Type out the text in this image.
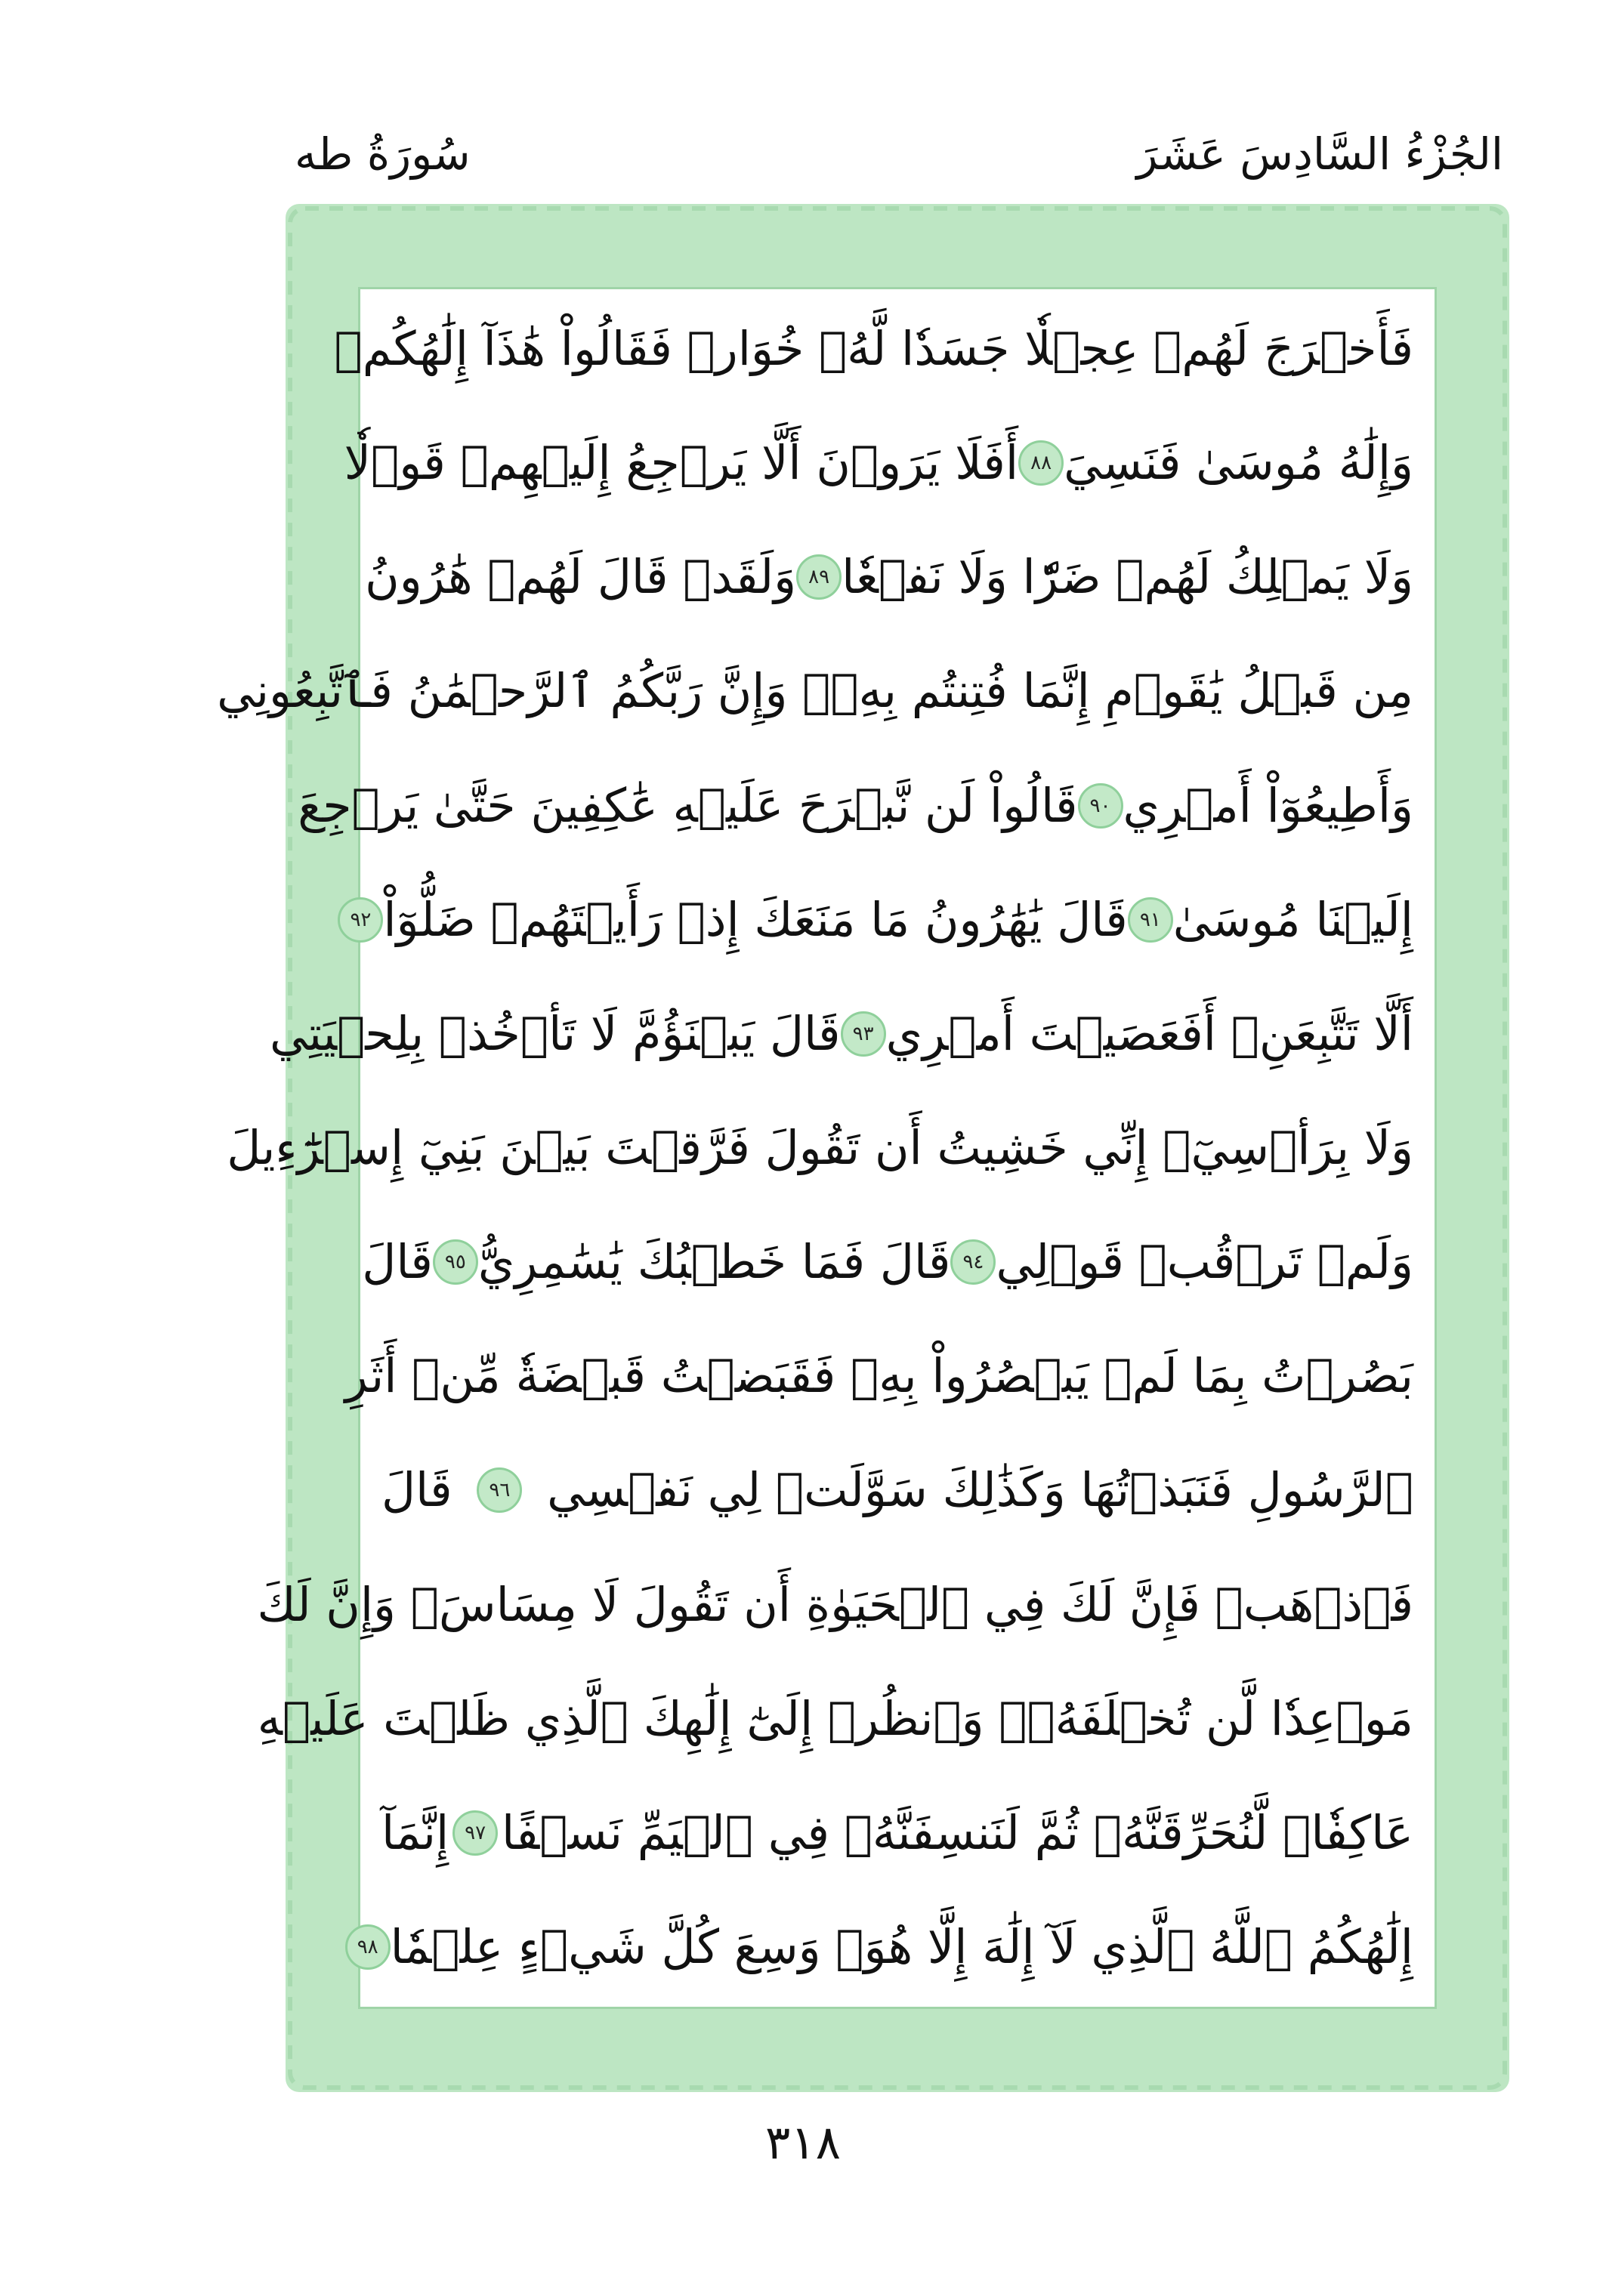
الجُزْءُ السَّادِسَ عَشَرَ
سُورَةُ طه
فَأَخۡرَجَ لَهُمۡ عِجۡلٗا جَسَدٗا لَّهُۥ خُوَارٞ فَقَالُواْ هَٰذَآ إِلَٰهُكُمۡ
وَإِلَٰهُ مُوسَىٰ فَنَسِيَ
٨٨
أَفَلَا يَرَوۡنَ أَلَّا يَرۡجِعُ إِلَيۡهِمۡ قَوۡلٗا
وَلَا يَمۡلِكُ لَهُمۡ ضَرّٗا وَلَا نَفۡعٗا
٨٩
وَلَقَدۡ قَالَ لَهُمۡ هَٰرُونُ
مِن قَبۡلُ يَٰقَوۡمِ إِنَّمَا فُتِنتُم بِهِۦۖ وَإِنَّ رَبَّكُمُ ٱلرَّحۡمَٰنُ فَٱتَّبِعُونِي
وَأَطِيعُوٓاْ أَمۡرِي
٩٠
قَالُواْ لَن نَّبۡرَحَ عَلَيۡهِ عَٰكِفِينَ حَتَّىٰ يَرۡجِعَ
إِلَيۡنَا مُوسَىٰ
٩١
قَالَ يَٰهَٰرُونُ مَا مَنَعَكَ إِذۡ رَأَيۡتَهُمۡ ضَلُّوٓاْ
٩٢
أَلَّا تَتَّبِعَنِۖ أَفَعَصَيۡتَ أَمۡرِي
٩٣
قَالَ يَبۡنَؤُمَّ لَا تَأۡخُذۡ بِلِحۡيَتِي
وَلَا بِرَأۡسِيٓۖ إِنِّي خَشِيتُ أَن تَقُولَ فَرَّقۡتَ بَيۡنَ بَنِيٓ إِسۡرَٰٓءِيلَ
وَلَمۡ تَرۡقُبۡ قَوۡلِي
٩٤
قَالَ فَمَا خَطۡبُكَ يَٰسَٰمِرِيُّ
٩٥
قَالَ
بَصُرۡتُ بِمَا لَمۡ يَبۡصُرُواْ بِهِۦ فَقَبَضۡتُ قَبۡضَةٗ مِّنۡ أَثَرِ
ٱلرَّسُولِ فَنَبَذۡتُهَا وَكَذَٰلِكَ سَوَّلَتۡ لِي نَفۡسِي
٩٦
قَالَ
فَٱذۡهَبۡ فَإِنَّ لَكَ فِي ٱلۡحَيَوٰةِ أَن تَقُولَ لَا مِسَاسَۖ وَإِنَّ لَكَ
مَوۡعِدٗا لَّن تُخۡلَفَهُۥۖ وَٱنظُرۡ إِلَىٰٓ إِلَٰهِكَ ٱلَّذِي ظَلۡتَ عَلَيۡهِ
عَاكِفٗاۖ لَّنُحَرِّقَنَّهُۥ ثُمَّ لَنَنسِفَنَّهُۥ فِي ٱلۡيَمِّ نَسۡفًا
٩٧
إِنَّمَآ
إِلَٰهُكُمُ ٱللَّهُ ٱلَّذِي لَآ إِلَٰهَ إِلَّا هُوَۚ وَسِعَ كُلَّ شَيۡءٍ عِلۡمٗا
٩٨
٣١٨
